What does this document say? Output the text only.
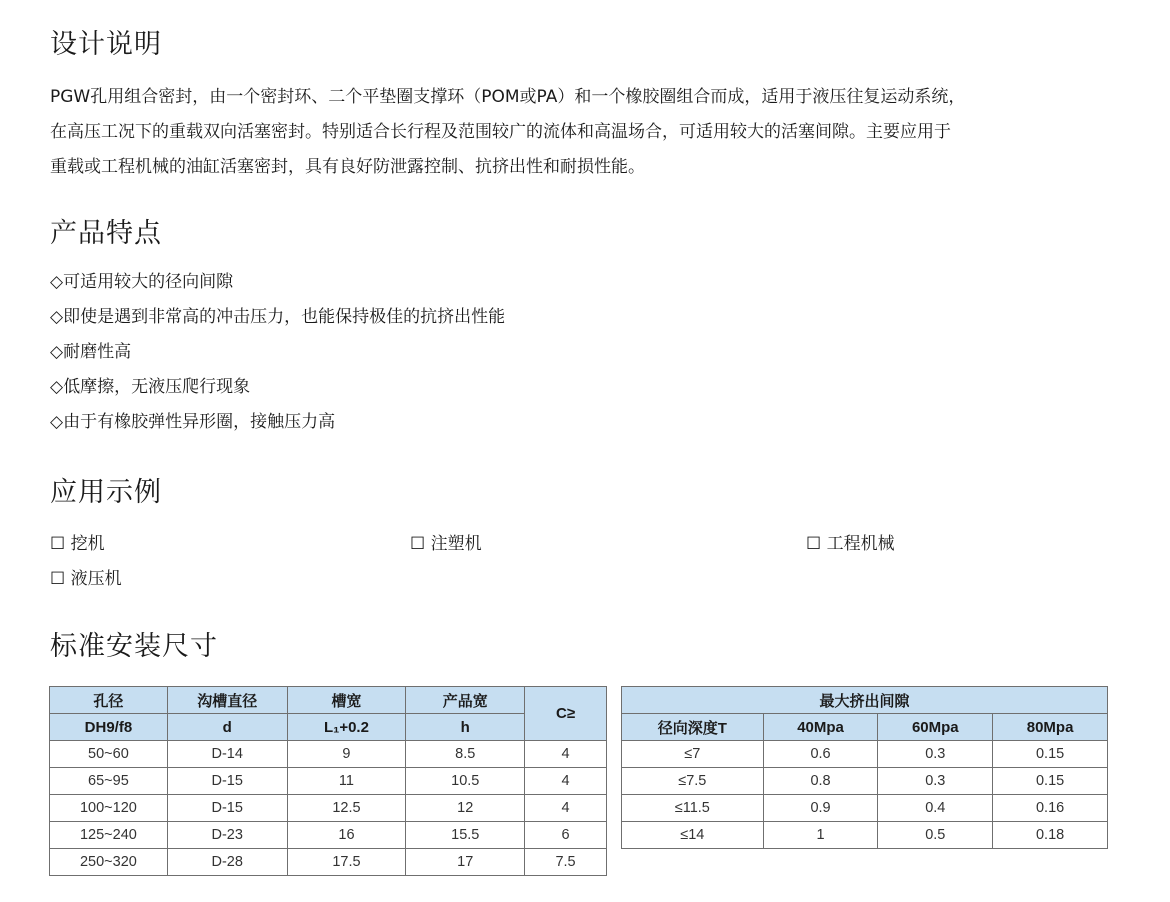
设计说明
PGW孔用组合密封，由一个密封环、二个平垫圈支撑环（POM或PA）和一个橡胶圈组合而成，适用于液压往复运动系统，
在高压工况下的重载双向活塞密封。特别适合长行程及范围较广的流体和高温场合，可适用较大的活塞间隙。主要应用于
重载或工程机械的油缸活塞密封，具有良好防泄露控制、抗挤出性和耐损性能。
产品特点
◇可适用较大的径向间隙
◇即使是遇到非常高的冲击压力，也能保持极佳的抗挤出性能
◇耐磨性高
◇低摩擦，无液压爬行现象
◇由于有橡胶弹性异形圈，接触压力高
应用示例
☐ 挖机	☐ 注塑机	☐ 工程机械
☐ 液压机
标准安装尺寸
孔径	沟槽直径	槽宽	产品宽	C≥
DH9/f8	d	L₁+0.2	h	
50~60	D-14	9	8.5	4
65~95	D-15	11	10.5	4
100~120	D-15	12.5	12	4
125~240	D-23	16	15.5	6
250~320	D-28	17.5	17	7.5
最大挤出间隙			
径向深度T	40Mpa	60Mpa	80Mpa
≤7	0.6	0.3	0.15
≤7.5	0.8	0.3	0.15
≤11.5	0.9	0.4	0.16
≤14	1	0.5	0.18
